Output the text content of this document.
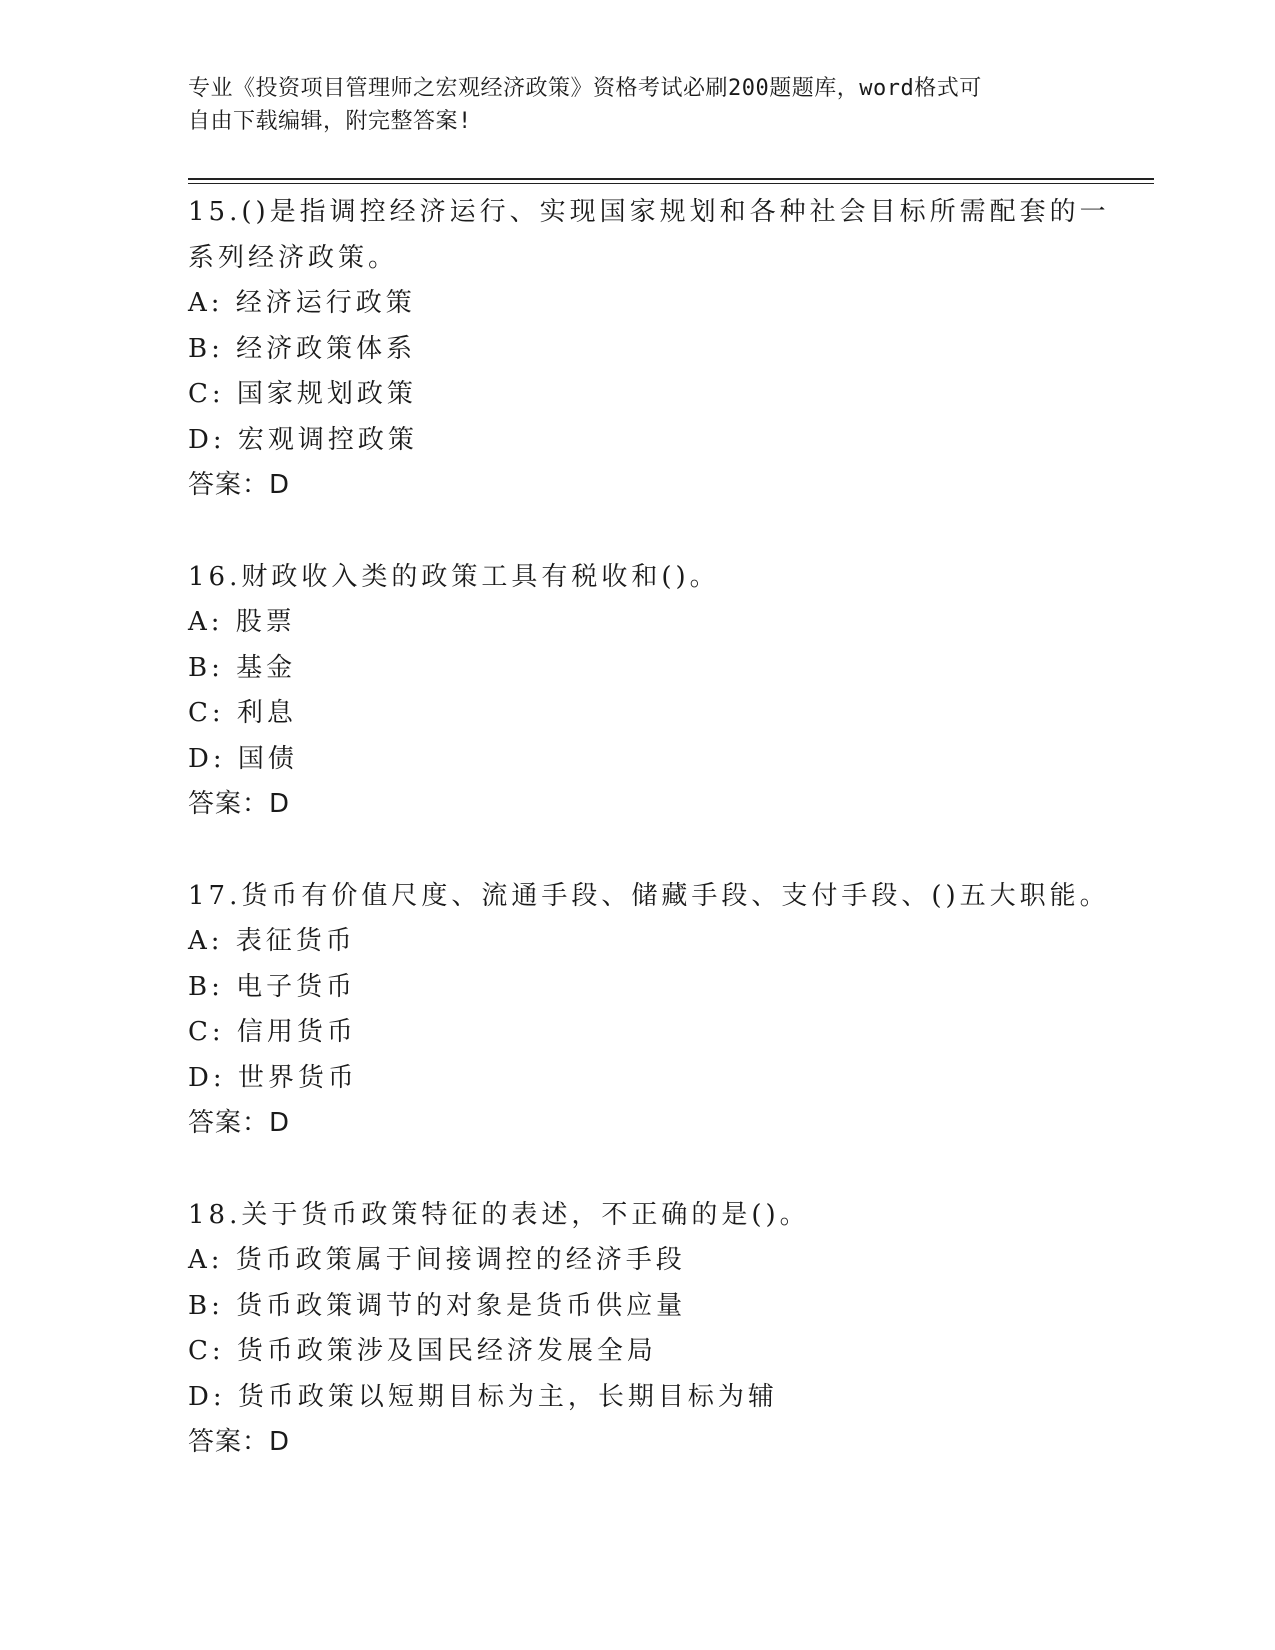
专业《投资项目管理师之宏观经济政策》资格考试必刷200题题库，word格式可
自由下载编辑，附完整答案!
15.()是指调控经济运行、实现国家规划和各种社会目标所需配套的一
系列经济政策。
A: 经济运行政策
B: 经济政策体系
C: 国家规划政策
D: 宏观调控政策
答案：D
16.财政收入类的政策工具有税收和()。
A: 股票
B: 基金
C: 利息
D: 国债
答案：D
17.货币有价值尺度、流通手段、储藏手段、支付手段、()五大职能。
A: 表征货币
B: 电子货币
C: 信用货币
D: 世界货币
答案：D
18.关于货币政策特征的表述，不正确的是()。
A: 货币政策属于间接调控的经济手段
B: 货币政策调节的对象是货币供应量
C: 货币政策涉及国民经济发展全局
D: 货币政策以短期目标为主，长期目标为辅
答案：D
